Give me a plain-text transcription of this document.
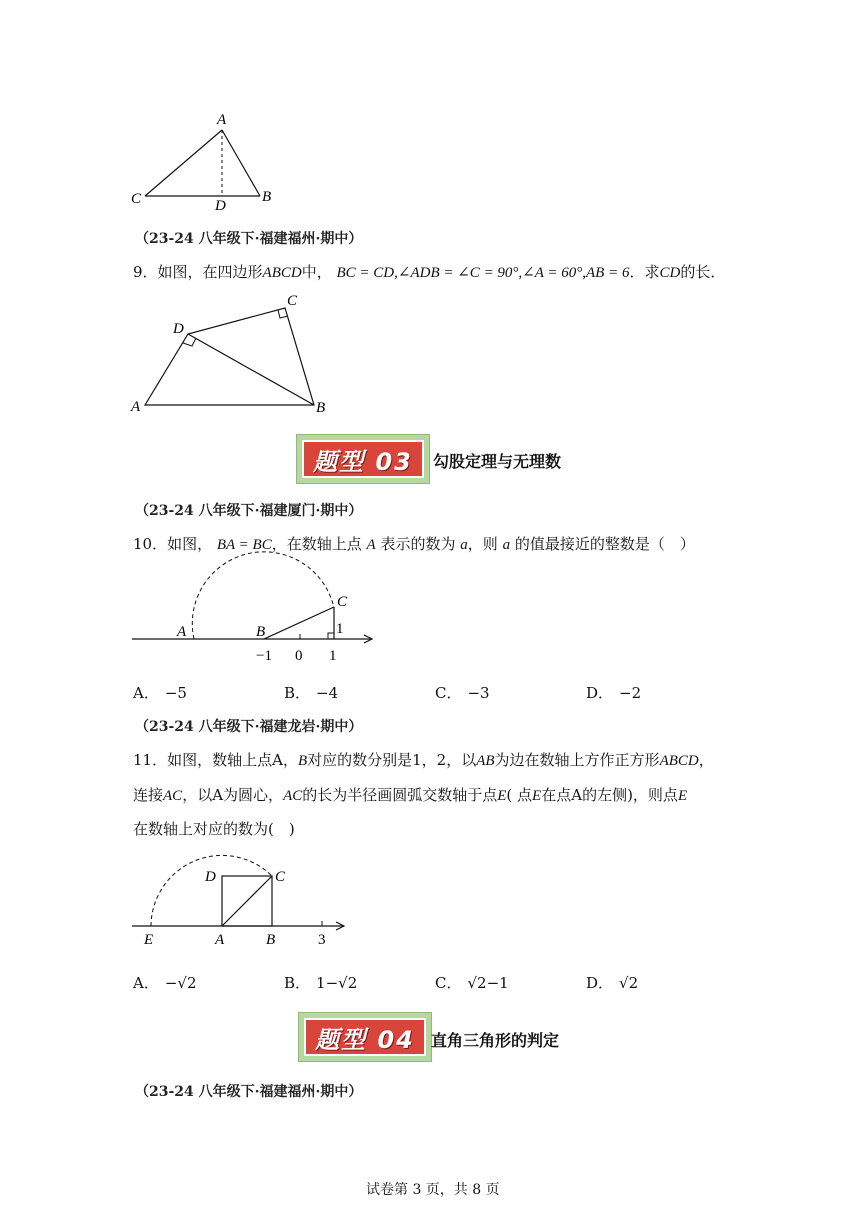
A
C	B
D
（23-24 八年级下·福建福州·期中）
9．如图，在四边形ABCD中， BC = CD,∠ADB = ∠C = 90°,∠A = 60°,AB = 6．求CD的长．
D
C
A	B
题型 03	勾股定理与无理数
（23-24 八年级下·福建厦门·期中）
10．如图， BA = BC，在数轴上点 A 表示的数为 a，则 a 的值最接近的整数是（　）
A	B
C
1
−1 0 1
A． −5	B． −4	C． −3	D． −2
（23-24 八年级下·福建龙岩·期中）
11．如图，数轴上点A，B对应的数分别是1，2，以AB为边在数轴上方作正方形ABCD，
连接AC，以A为圆心，AC的长为半径画圆弧交数轴于点E( 点E在点A的左侧)，则点E
在数轴上对应的数为(　)
D	C
E	A	B	3
A． −√2	B． 1−√2	C． √2−1	D． √2
题型 04	直角三角形的判定
（23-24 八年级下·福建福州·期中）
试卷第 3 页，共 8 页
